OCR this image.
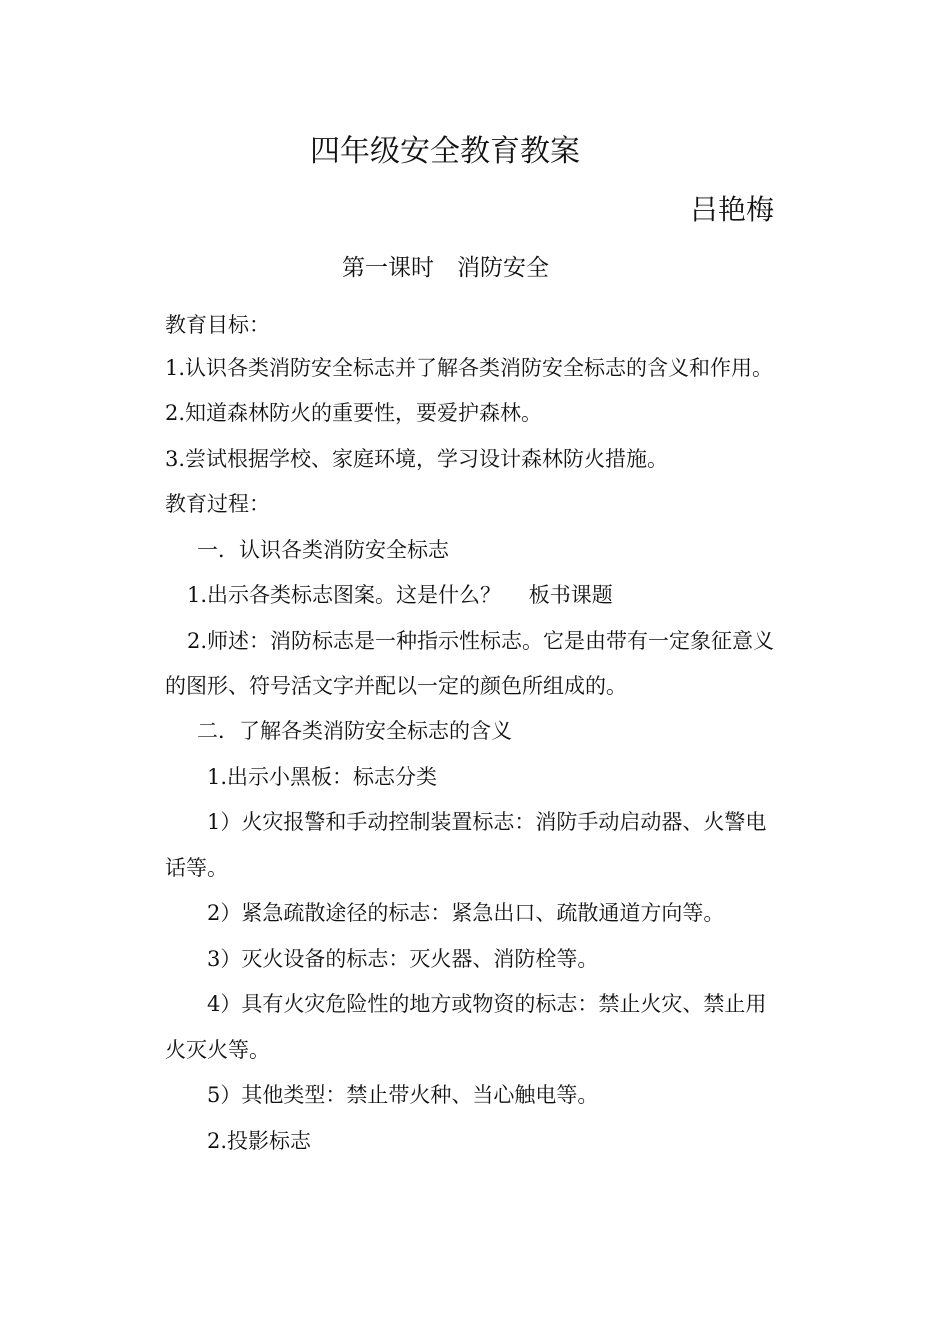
四年级安全教育教案
吕艳梅
第一课时　消防安全
教育目标：
1.认识各类消防安全标志并了解各类消防安全标志的含义和作用。
2.知道森林防火的重要性，要爱护森林。
3.尝试根据学校、家庭环境，学习设计森林防火措施。
教育过程：
一．认识各类消防安全标志
1.出示各类标志图案。这是什么？　 板书课题
2.师述：消防标志是一种指示性标志。它是由带有一定象征意义
的图形、符号活文字并配以一定的颜色所组成的。
二．了解各类消防安全标志的含义
1.出示小黑板：标志分类
1）火灾报警和手动控制装置标志：消防手动启动器、火警电
话等。
2）紧急疏散途径的标志：紧急出口、疏散通道方向等。
3）灭火设备的标志：灭火器、消防栓等。
4）具有火灾危险性的地方或物资的标志：禁止火灾、禁止用
火灭火等。
5）其他类型：禁止带火种、当心触电等。
2.投影标志
